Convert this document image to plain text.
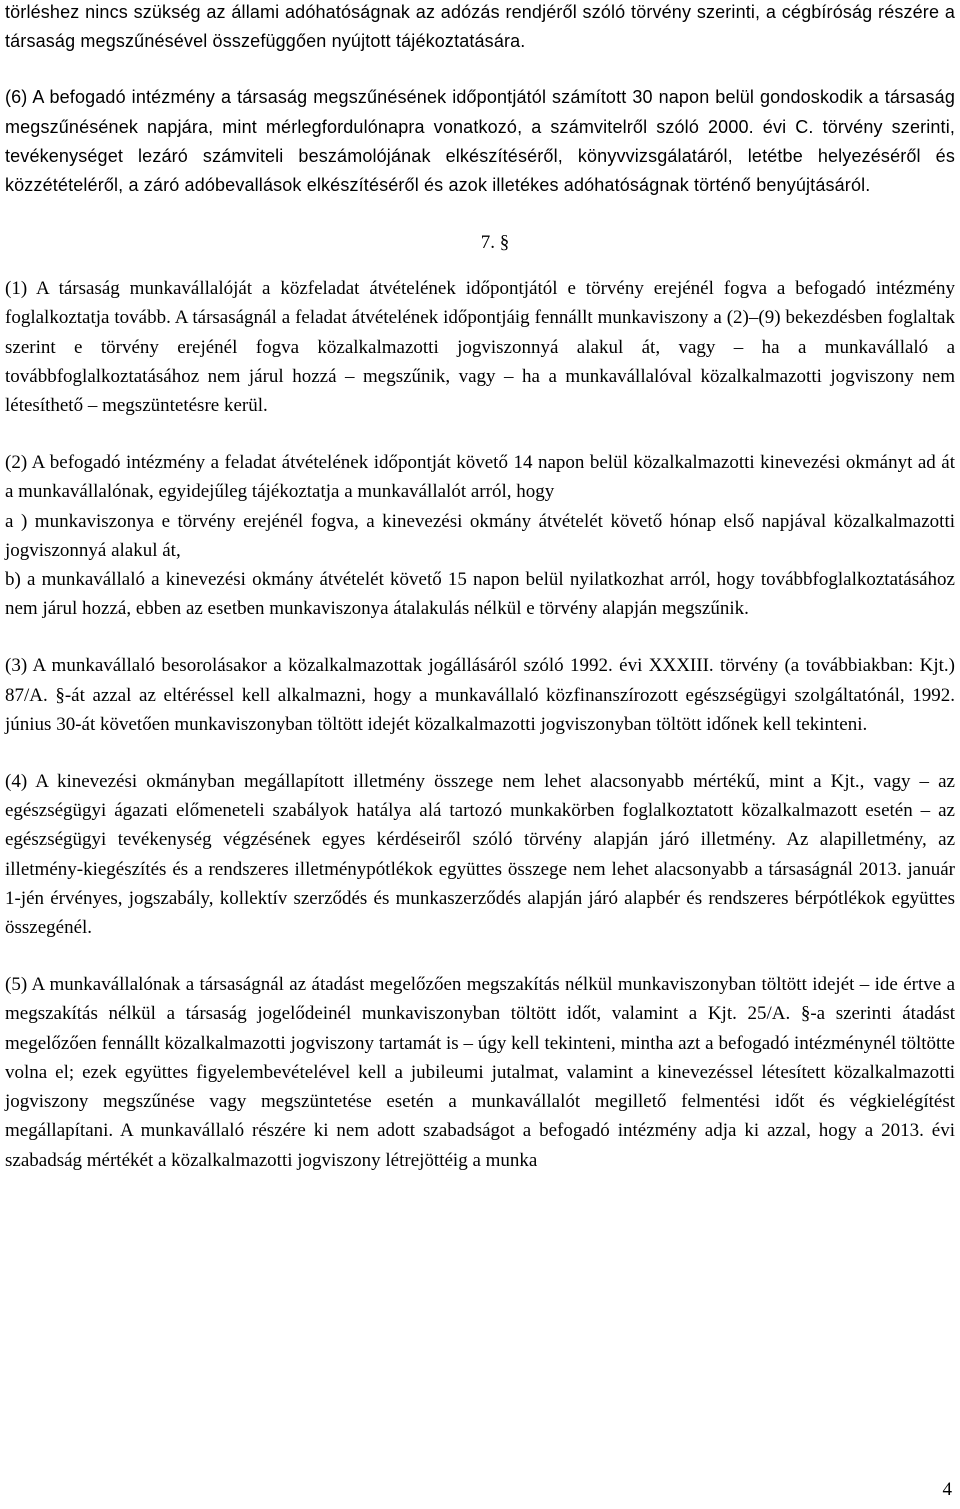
törléshez nincs szükség az állami adóhatóságnak az adózás rendjéről szóló törvény szerinti, a cégbíróság részére a társaság megszűnésével összefüggően nyújtott tájékoztatására.

(6) A befogadó intézmény a társaság megszűnésének időpontjától számított 30 napon belül gondoskodik a társaság megszűnésének napjára, mint mérlegfordulónapra vonatkozó, a számvitelről szóló 2000. évi C. törvény szerinti, tevékenységet lezáró számviteli beszámolójának elkészítéséről, könyvvizsgálatáról, letétbe helyezéséről és közzétételéről, a záró adóbevallások elkészítéséről és azok illetékes adóhatóságnak történő benyújtásáról.

7. §

(1) A társaság munkavállalóját a közfeladat átvételének időpontjától e törvény erejénél fogva a befogadó intézmény foglalkoztatja tovább. A társaságnál a feladat átvételének időpontjáig fennállt munkaviszony a (2)–(9) bekezdésben foglaltak szerint e törvény erejénél fogva közalkalmazotti jogviszonnyá alakul át, vagy – ha a munkavállaló a továbbfoglalkoztatásához nem járul hozzá – megszűnik, vagy – ha a munkavállalóval közalkalmazotti jogviszony nem létesíthető – megszüntetésre kerül.

(2) A befogadó intézmény a feladat átvételének időpontját követő 14 napon belül közalkalmazotti kinevezési okmányt ad át a munkavállalónak, egyidejűleg tájékoztatja a munkavállalót arról, hogy

a ) munkaviszonya e törvény erejénél fogva, a kinevezési okmány átvételét követő hónap első napjával közalkalmazotti jogviszonnyá alakul át,

b) a munkavállaló a kinevezési okmány átvételét követő 15 napon belül nyilatkozhat arról, hogy továbbfoglalkoztatásához nem járul hozzá, ebben az esetben munkaviszonya átalakulás nélkül e törvény alapján megszűnik.

(3) A munkavállaló besorolásakor a közalkalmazottak jogállásáról szóló 1992. évi XXXIII. törvény (a továbbiakban: Kjt.) 87/A. §-át azzal az eltéréssel kell alkalmazni, hogy a munkavállaló közfinanszírozott egészségügyi szolgáltatónál, 1992. június 30-át követően munkaviszonyban töltött idejét közalkalmazotti jogviszonyban töltött időnek kell tekinteni.

(4) A kinevezési okmányban megállapított illetmény összege nem lehet alacsonyabb mértékű, mint a Kjt., vagy – az egészségügyi ágazati előmeneteli szabályok hatálya alá tartozó munkakörben foglalkoztatott közalkalmazott esetén – az egészségügyi tevékenység végzésének egyes kérdéseiről szóló törvény alapján járó illetmény. Az alapilletmény, az illetmény-kiegészítés és a rendszeres illetménypótlékok együttes összege nem lehet alacsonyabb a társaságnál 2013. január 1-jén érvényes, jogszabály, kollektív szerződés és munkaszerződés alapján járó alapbér és rendszeres bérpótlékok együttes összegénél.

(5) A munkavállalónak a társaságnál az átadást megelőzően megszakítás nélkül munkaviszonyban töltött idejét – ide értve a megszakítás nélkül a társaság jogelődeinél munkaviszonyban töltött időt, valamint a Kjt. 25/A. §-a szerinti átadást megelőzően fennállt közalkalmazotti jogviszony tartamát is – úgy kell tekinteni, mintha azt a befogadó intézménynél töltötte volna el; ezek együttes figyelembevételével kell a jubileumi jutalmat, valamint a kinevezéssel létesített közalkalmazotti jogviszony megszűnése vagy megszüntetése esetén a munkavállalót megillető felmentési időt és végkielégítést megállapítani. A munkavállaló részére ki nem adott szabadságot a befogadó intézmény adja ki azzal, hogy a 2013. évi szabadság mértékét a közalkalmazotti jogviszony létrejöttéig a munka

4
